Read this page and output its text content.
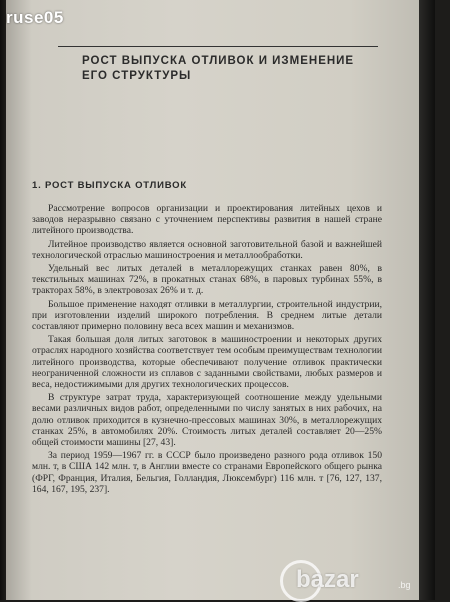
ruse05
РОСТ ВЫПУСКА ОТЛИВОК И ИЗМЕНЕНИЕ ЕГО СТРУКТУРЫ
1. РОСТ ВЫПУСКА ОТЛИВОК

Рассмотрение вопросов организации и проектирования литейных цехов и заводов неразрывно связано с уточнением перспективы развития в нашей стране литейного производства.

Литейное производство является основной заготовительной базой и важнейшей технологической отраслью машиностроения и металлообработки.

Удельный вес литых деталей в металлорежущих станках равен 80%, в текстильных машинах 72%, в прокатных станах 68%, в паровых турбинах 55%, в тракторах 58%, в электровозах 26% и т. д.

Большое применение находят отливки в металлургии, строительной индустрии, при изготовлении изделий широкого потребления. В среднем литые детали составляют примерно половину веса всех машин и механизмов.

Такая большая доля литых заготовок в машиностроении и некоторых других отраслях народного хозяйства соответствует тем особым преимуществам технологии литейного производства, которые обеспечивают получение отливок практически неограниченной сложности из сплавов с заданными свойствами, любых размеров и веса, недостижимыми для других технологических процессов.

В структуре затрат труда, характеризующей соотношение между удельными весами различных видов работ, определенными по числу занятых в них рабочих, на долю отливок приходится в кузнечно-прессовых машинах 30%, в металлорежущих станках 25%, в автомобилях 20%. Стоимость литых деталей составляет 20—25% общей стоимости машины [27, 43].

За период 1959—1967 гг. в СССР было произведено разного рода отливок 150 млн. т, в США 142 млн. т, в Англии вместе со странами Европейского общего рынка (ФРГ, Франция, Италия, Бельгия, Голландия, Люксембург) 116 млн. т [76, 127, 137, 164, 167, 195, 237].

bazar	.bg
